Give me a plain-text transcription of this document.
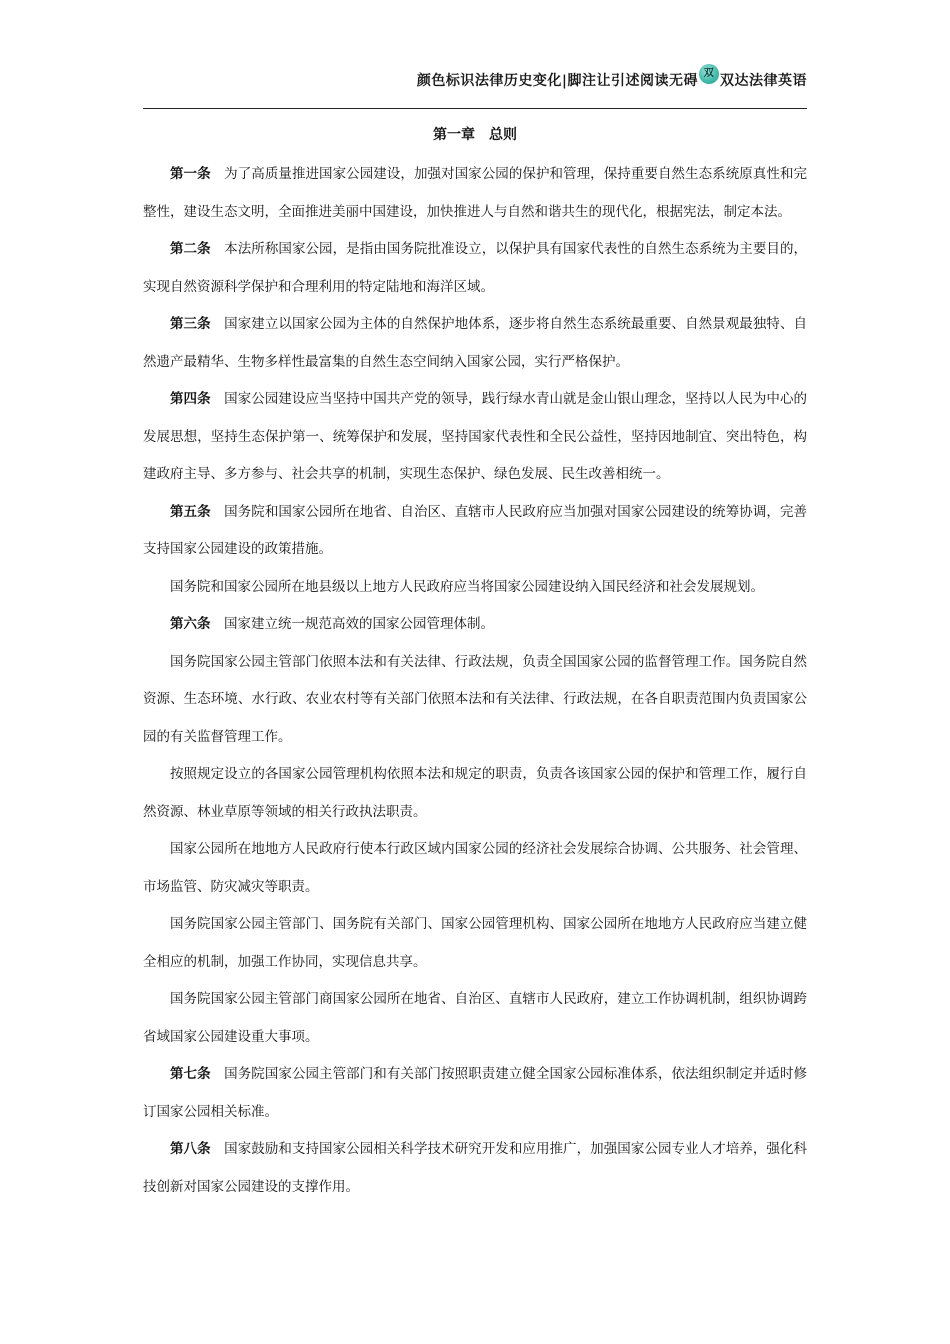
颜色标识法律历史变化|脚注让引述阅读无碍 双 双达法律英语
第一章　总则

第一条 为了高质量推进国家公园建设，加强对国家公园的保护和管理，保持重要自然生态系统原真性和完整性，建设生态文明，全面推进美丽中国建设，加快推进人与自然和谐共生的现代化，根据宪法，制定本法。

第二条 本法所称国家公园，是指由国务院批准设立，以保护具有国家代表性的自然生态系统为主要目的，实现自然资源科学保护和合理利用的特定陆地和海洋区域。

第三条 国家建立以国家公园为主体的自然保护地体系，逐步将自然生态系统最重要、自然景观最独特、自然遗产最精华、生物多样性最富集的自然生态空间纳入国家公园，实行严格保护。

第四条 国家公园建设应当坚持中国共产党的领导，践行绿水青山就是金山银山理念，坚持以人民为中心的发展思想，坚持生态保护第一、统筹保护和发展，坚持国家代表性和全民公益性，坚持因地制宜、突出特色，构建政府主导、多方参与、社会共享的机制，实现生态保护、绿色发展、民生改善相统一。

第五条 国务院和国家公园所在地省、自治区、直辖市人民政府应当加强对国家公园建设的统筹协调，完善支持国家公园建设的政策措施。

国务院和国家公园所在地县级以上地方人民政府应当将国家公园建设纳入国民经济和社会发展规划。

第六条 国家建立统一规范高效的国家公园管理体制。

国务院国家公园主管部门依照本法和有关法律、行政法规，负责全国国家公园的监督管理工作。国务院自然资源、生态环境、水行政、农业农村等有关部门依照本法和有关法律、行政法规，在各自职责范围内负责国家公园的有关监督管理工作。

按照规定设立的各国家公园管理机构依照本法和规定的职责，负责各该国家公园的保护和管理工作，履行自然资源、林业草原等领域的相关行政执法职责。

国家公园所在地地方人民政府行使本行政区域内国家公园的经济社会发展综合协调、公共服务、社会管理、市场监管、防灾减灾等职责。

国务院国家公园主管部门、国务院有关部门、国家公园管理机构、国家公园所在地地方人民政府应当建立健全相应的机制，加强工作协同，实现信息共享。

国务院国家公园主管部门商国家公园所在地省、自治区、直辖市人民政府，建立工作协调机制，组织协调跨省域国家公园建设重大事项。

第七条 国务院国家公园主管部门和有关部门按照职责建立健全国家公园标准体系，依法组织制定并适时修订国家公园相关标准。

第八条 国家鼓励和支持国家公园相关科学技术研究开发和应用推广，加强国家公园专业人才培养，强化科技创新对国家公园建设的支撑作用。
